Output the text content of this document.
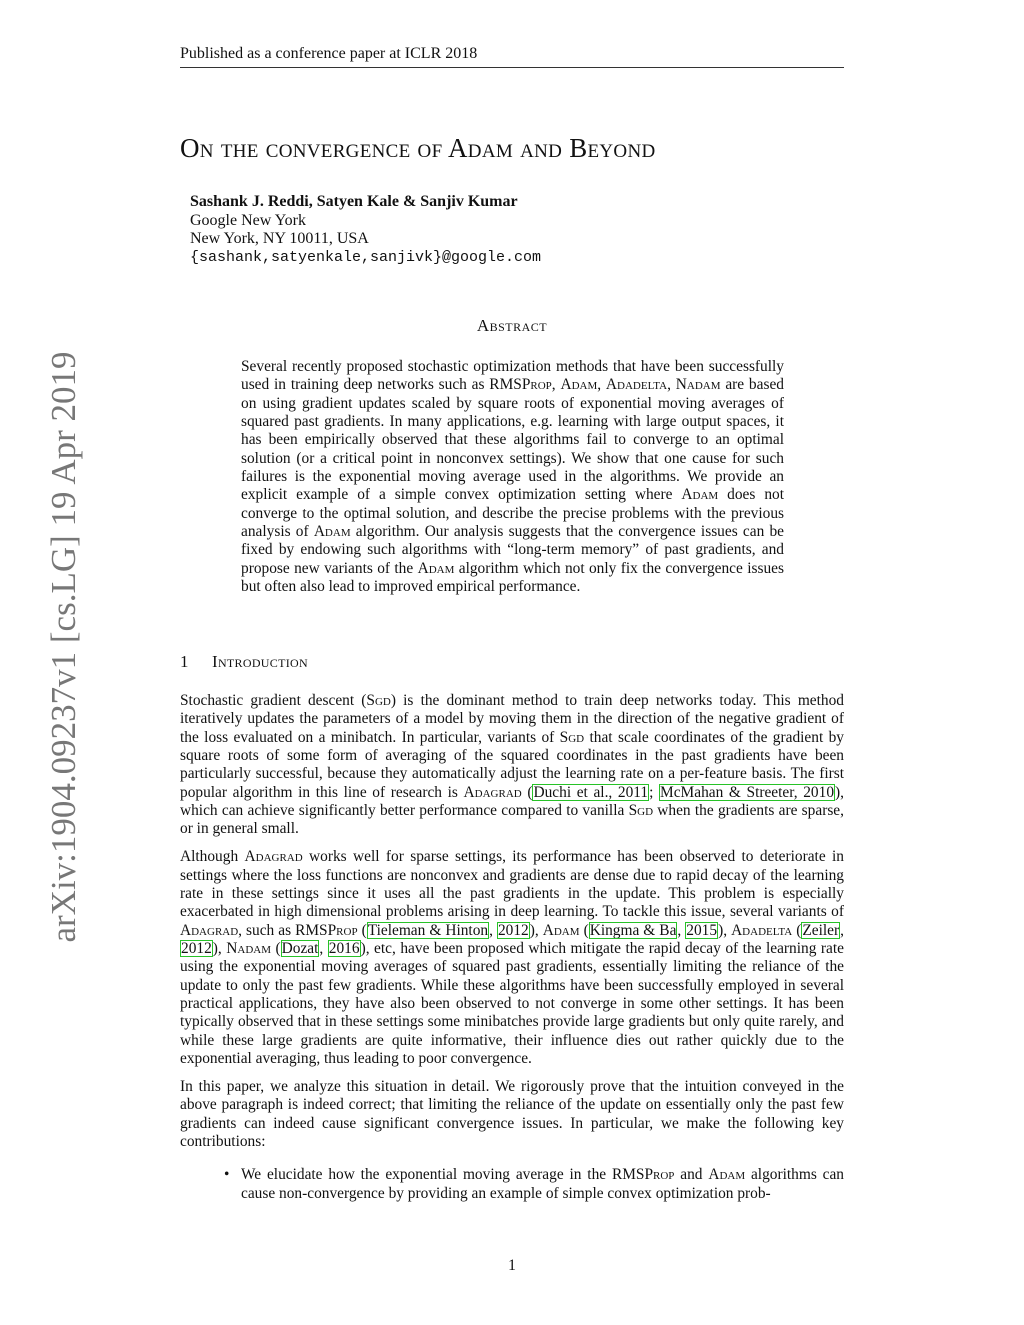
Published as a conference paper at ICLR 2018
arXiv:1904.09237v1 [cs.LG] 19 Apr 2019
On the convergence of Adam and Beyond
Sashank J. Reddi, Satyen Kale & Sanjiv Kumar
Google New York
New York, NY 10011, USA
{sashank,satyenkale,sanjivk}@google.com
Abstract
Several recently proposed stochastic optimization methods that have been successfully used in training deep networks such as RMSProp, Adam, Adadelta, Nadam are based on using gradient updates scaled by square roots of exponential moving averages of squared past gradients. In many applications, e.g. learning with large output spaces, it has been empirically observed that these algorithms fail to converge to an optimal solution (or a critical point in nonconvex settings). We show that one cause for such failures is the exponential moving average used in the algorithms. We provide an explicit example of a simple convex optimization setting where Adam does not converge to the optimal solution, and describe the precise problems with the previous analysis of Adam algorithm. Our analysis suggests that the convergence issues can be fixed by endowing such algorithms with “long-term memory” of past gradients, and propose new variants of the Adam algorithm which not only fix the convergence issues but often also lead to improved empirical performance.
1 Introduction

Stochastic gradient descent (Sgd) is the dominant method to train deep networks today. This method iteratively updates the parameters of a model by moving them in the direction of the negative gradient of the loss evaluated on a minibatch. In particular, variants of Sgd that scale coordinates of the gradient by square roots of some form of averaging of the squared coordinates in the past gradients have been particularly successful, because they automatically adjust the learning rate on a per-feature basis. The first popular algorithm in this line of research is Adagrad (Duchi et al., 2011; McMahan & Streeter, 2010), which can achieve significantly better performance compared to vanilla Sgd when the gradients are sparse, or in general small.

Although Adagrad works well for sparse settings, its performance has been observed to deteriorate in settings where the loss functions are nonconvex and gradients are dense due to rapid decay of the learning rate in these settings since it uses all the past gradients in the update. This problem is especially exacerbated in high dimensional problems arising in deep learning. To tackle this issue, several variants of Adagrad, such as RMSProp (Tieleman & Hinton, 2012), Adam (Kingma & Ba, 2015), Adadelta (Zeiler, 2012), Nadam (Dozat, 2016), etc, have been proposed which mitigate the rapid decay of the learning rate using the exponential moving averages of squared past gradients, essentially limiting the reliance of the update to only the past few gradients. While these algorithms have been successfully employed in several practical applications, they have also been observed to not converge in some other settings. It has been typically observed that in these settings some minibatches provide large gradients but only quite rarely, and while these large gradients are quite informative, their influence dies out rather quickly due to the exponential averaging, thus leading to poor convergence.

In this paper, we analyze this situation in detail. We rigorously prove that the intuition conveyed in the above paragraph is indeed correct; that limiting the reliance of the update on essentially only the past few gradients can indeed cause significant convergence issues. In particular, we make the following key contributions:

• We elucidate how the exponential moving average in the RMSProp and Adam algorithms can cause non-convergence by providing an example of simple convex optimization prob-
1
